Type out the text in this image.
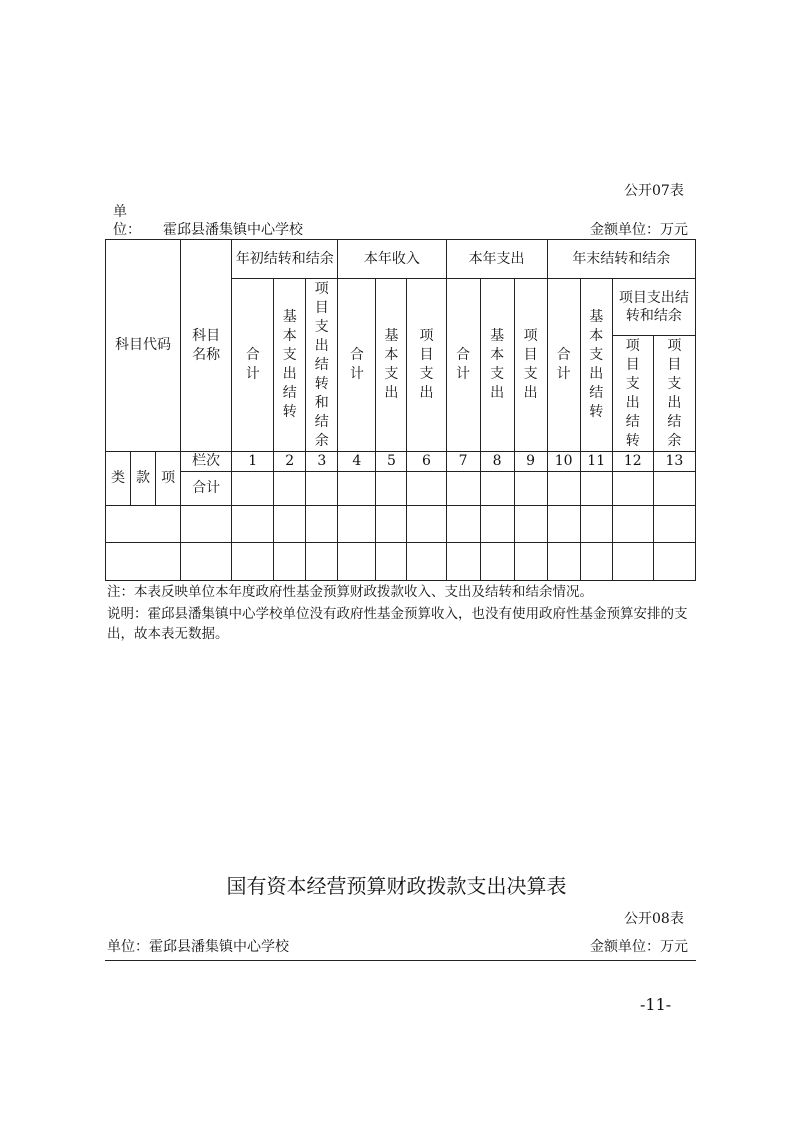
公开07表
单
位： 霍邱县潘集镇中心学校	金额单位：万元
科目代码			科目名称	年初结转和结余			本年收入			本年支出			年末结转和结余			
				合计	基本支出结转	项目支出结转和结余	合计	基本支出	项目支出	合计	基本支出	项目支出	合计	基本支出结转	项目支出结转和结余	
															项目支出结转	项目支出结余
类	款	项	栏次	1	2	3	4	5	6	7	8	9	10	11	12	13
			合计													

注：本表反映单位本年度政府性基金预算财政拨款收入、支出及结转和结余情况。
说明：霍邱县潘集镇中心学校单位没有政府性基金预算收入，也没有使用政府性基金预算安排的支出，故本表无数据。
国有资本经营预算财政拨款支出决算表
公开08表
单位：霍邱县潘集镇中心学校	金额单位：万元
-11-
